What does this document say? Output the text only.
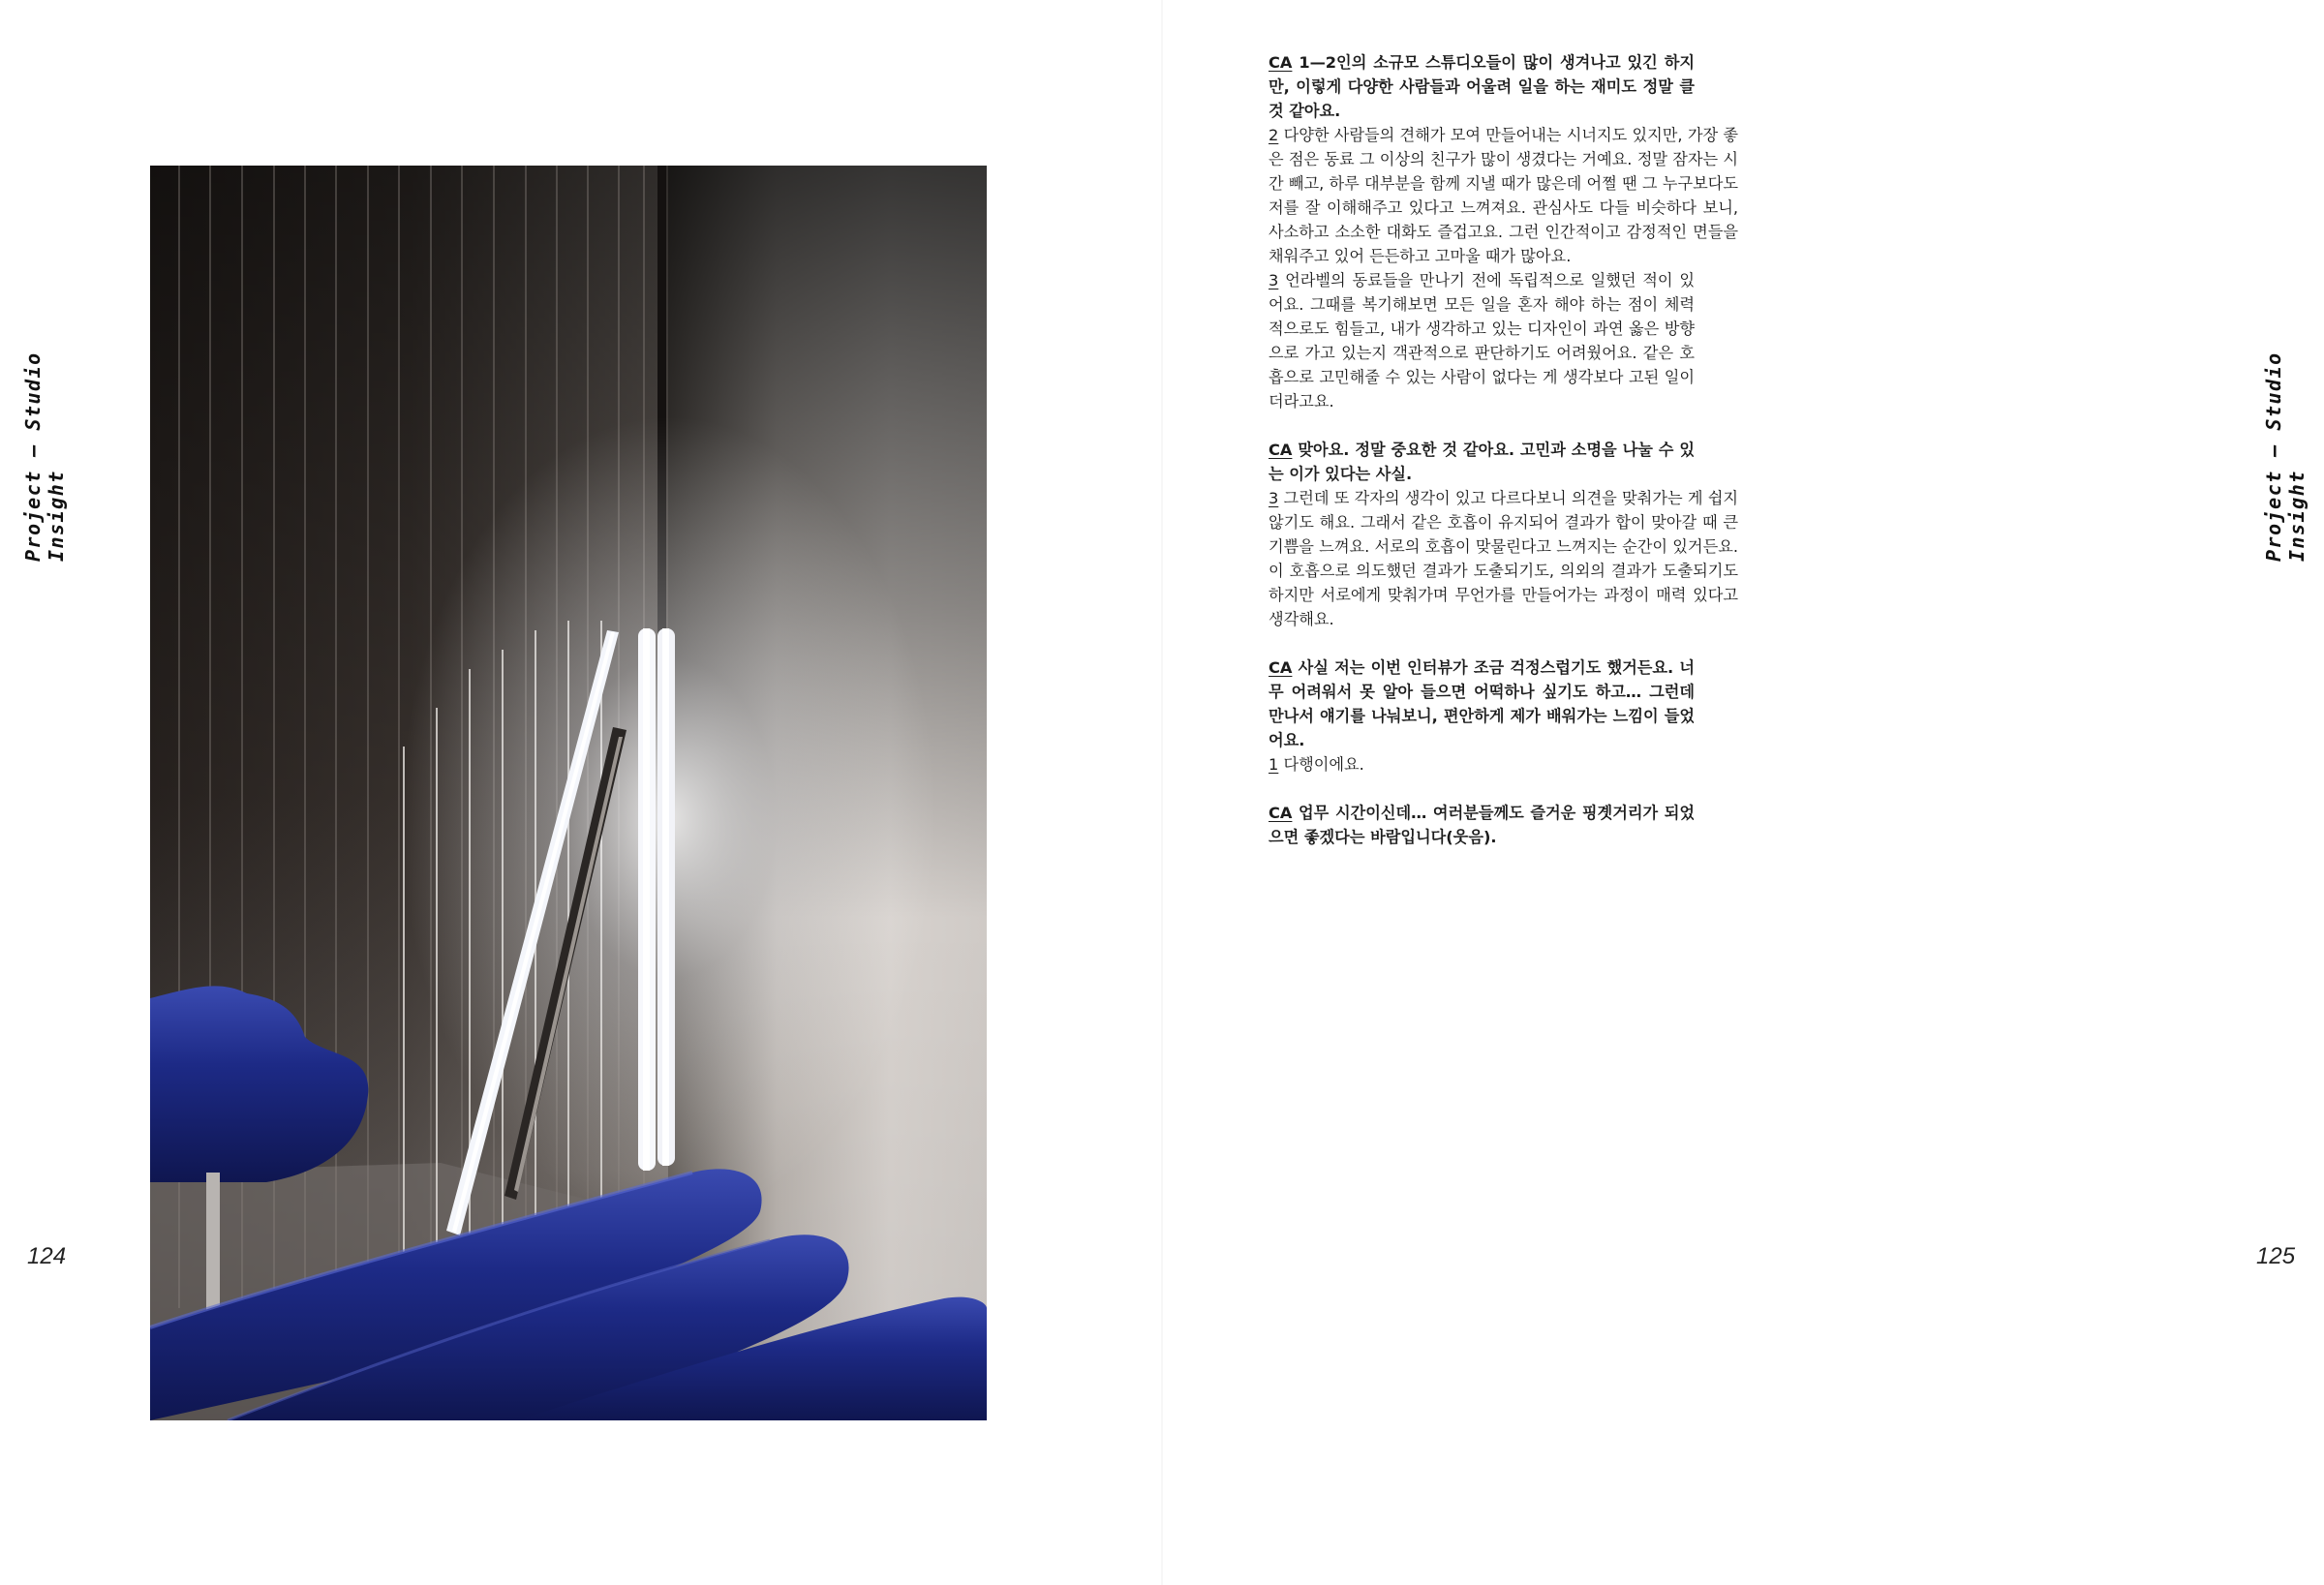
Project — Studio Insight	Project — Studio Insight
124	125

CA 1—2인의 소규모 스튜디오들이 많이 생겨나고 있긴 하지만, 이렇게 다양한 사람들과 어울려 일을 하는 재미도 정말 클 것 같아요.

2 다양한 사람들의 견해가 모여 만들어내는 시너지도 있지만, 가장 좋은 점은 동료 그 이상의 친구가 많이 생겼다는 거예요. 정말 잠자는 시간 빼고, 하루 대부분을 함께 지낼 때가 많은데 어쩔 땐 그 누구보다도 저를 잘 이해해주고 있다고 느껴져요. 관심사도 다들 비슷하다 보니, 사소하고 소소한 대화도 즐겁고요. 그런 인간적이고 감정적인 면들을 채워주고 있어 든든하고 고마울 때가 많아요.

3 언라벨의 동료들을 만나기 전에 독립적으로 일했던 적이 있어요. 그때를 복기해보면 모든 일을 혼자 해야 하는 점이 체력적으로도 힘들고, 내가 생각하고 있는 디자인이 과연 옳은 방향으로 가고 있는지 객관적으로 판단하기도 어려웠어요. 같은 호흡으로 고민해줄 수 있는 사람이 없다는 게 생각보다 고된 일이더라고요.

CA 맞아요. 정말 중요한 것 같아요. 고민과 소명을 나눌 수 있는 이가 있다는 사실.

3 그런데 또 각자의 생각이 있고 다르다보니 의견을 맞춰가는 게 쉽지 않기도 해요. 그래서 같은 호흡이 유지되어 결과가 합이 맞아갈 때 큰 기쁨을 느껴요. 서로의 호흡이 맞물린다고 느껴지는 순간이 있거든요. 이 호흡으로 의도했던 결과가 도출되기도, 의외의 결과가 도출되기도 하지만 서로에게 맞춰가며 무언가를 만들어가는 과정이 매력 있다고 생각해요.

CA 사실 저는 이번 인터뷰가 조금 걱정스럽기도 했거든요. 너무 어려워서 못 알아 들으면 어떡하나 싶기도 하고… 그런데 만나서 얘기를 나눠보니, 편안하게 제가 배워가는 느낌이 들었어요.

1 다행이에요.

CA 업무 시간이신데… 여러분들께도 즐거운 핑곗거리가 되었으면 좋겠다는 바람입니다(웃음).
